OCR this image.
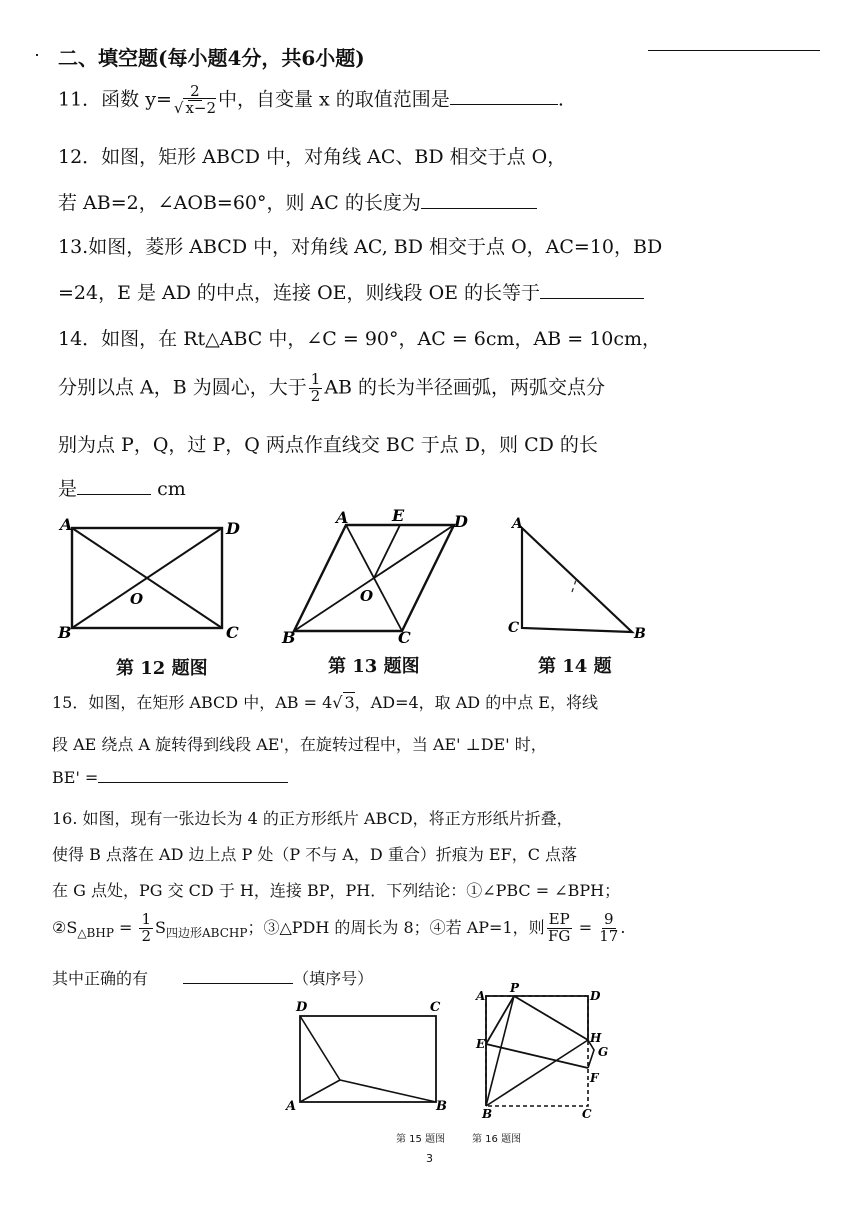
二、填空题(每小题4分，共6小题)
11．函数 $y= \frac{2}{√ x-2}$ 中，自变量 x 的取值范围是	.
12．如图，矩形 ABCD 中，对角线 AC、BD 相交于点 O，
若 AB=2，∠AOB=60°，则 AC 的长度为
13.如图，菱形 ABCD 中，对角线 AC, BD 相交于点 O，AC=10，BD
=24，E 是 AD 的中点，连接 OE，则线段 OE 的长等于
14．如图，在 Rt△ABC 中，∠C = 90°，AC = 6cm，AB = 10cm，
分别以点 A，B 为圆心，大于 $\frac{1}{2}$ AB 的长为半径画弧，两弧交点分
别为点 P，Q，过 P，Q 两点作直线交 BC 于点 D，则 CD 的长
是	cm
A	D
B	C
O
A	E	D
B	C
O
A
C	B
第 12 题图	第 13 题图	第 14 题
15．如图，在矩形 ABCD 中，AB = 4√ 3，AD=4，取 AD 的中点 E，将线
段 AE 绕点 A 旋转得到线段 AE'，在旋转过程中，当 AE' ⊥DE' 时，
BE' =
16. 如图，现有一张边长为 4 的正方形纸片 ABCD，将正方形纸片折叠，
使得 B 点落在 AD 边上点 P 处（P 不与 A，D 重合）折痕为 EF，C 点落
在 G 点处，PG 交 CD 于 H，连接 BP，PH．下列结论：①∠PBC = ∠BPH；
$②S_{\triangle BHP} = \frac{1}{2} S_{四边形ABCHP}$；③△PDH 的周长为 8；④若 AP=1，则 $\frac{EP}{FG} = \frac{9}{17}$ .
其中正确的有	（填序号）
D	C
A	B
A
P
D
E	H
G
F
B	C
第 15 题图	第 16 题图
3
